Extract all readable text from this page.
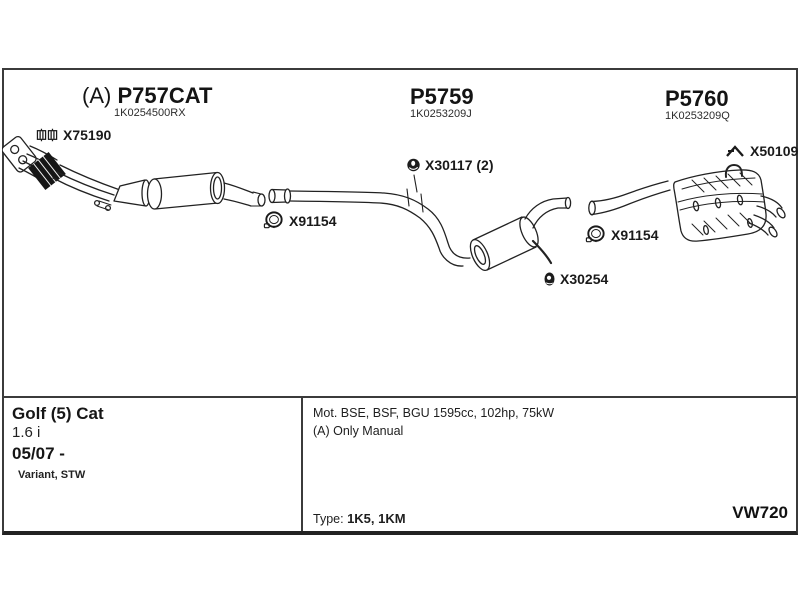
(A) P757CAT
1K0254500RX
P5759
1K0253209J
P5760
1K0253209Q
X75190
X91154
X30117 (2)
X30254
X91154
X50109
Golf (5) Cat
1.6 i
05/07 -
Variant, STW
Mot. BSE, BSF, BGU 1595cc, 102hp, 75kW
(A) Only Manual
Type: 1K5, 1KM	VW720
